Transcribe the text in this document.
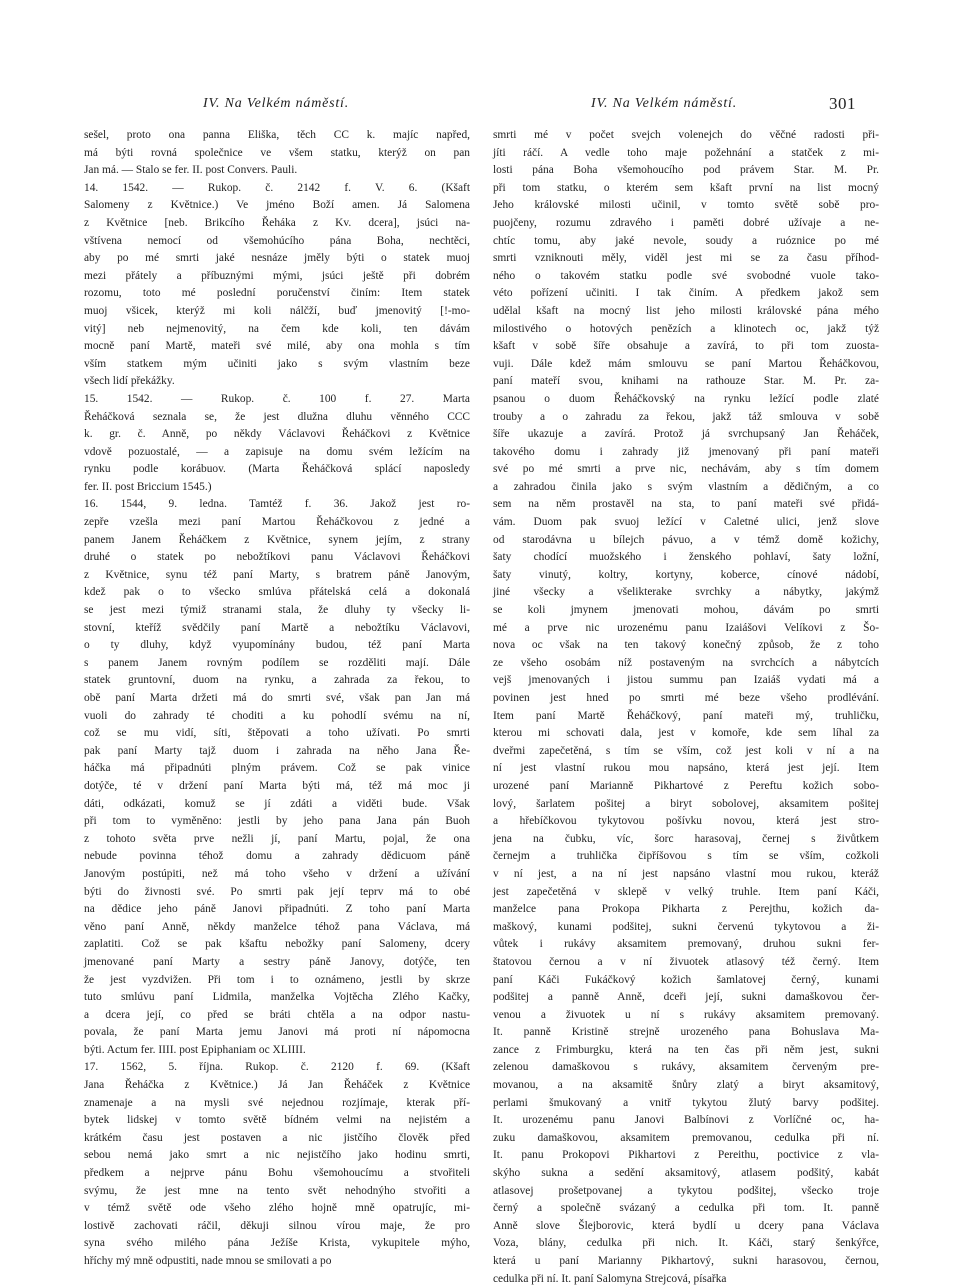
IV. Na Velkém náměstí.	IV. Na Velkém náměstí.	301
sešel, proto ona panna Eliška, těch CC k. majíc napřed,
má býti rovná společnice ve všem statku, kterýž on pan
Jan má. — Stalo se fer. II. post Convers. Pauli.
14. 1542. — Rukop. č. 2142 f. V. 6. (Kšaft
Salomeny z Květnice.) Ve jméno Boží amen. Já Salomena
z Květnice [neb. Brikcího Řeháka z Kv. dcera], jsúci na-
vštívena nemocí od všemohúcího pána Boha, nechtěci,
aby po mé smrti jaké nesnáze jměly býti o statek muoj
mezi přátely a příbuznými mými, jsúci ještě při dobrém
rozomu, toto mé poslední poručenství činím: Item statek
muoj všicek, kterýž mi koli nálčží, buď jmenovitý [!-mo-
vitý] neb nejmenovitý, na čem kde koli, ten dávám
mocně paní Martě, mateři své milé, aby ona mohla s tím
vším statkem mým učiniti jako s svým vlastním beze
všech lidí překážky.
15. 1542. — Rukop. č. 100 f. 27. Marta
Řeháčková seznala se, že jest dlužna dluhu věnného CCC
k. gr. č. Anně, po někdy Václavovi Řeháčkovi z Květnice
vdově pozuostalé, — a zapisuje na domu svém ležícím na
rynku podle korábuov. (Marta Řeháčková splácí naposledy
fer. II. post Briccium 1545.)
16. 1544, 9. ledna. Tamtéž f. 36. Jakož jest ro-
zepře vzešla mezi paní Martou Řeháčkovou z jedné a
panem Janem Řeháčkem z Květnice, synem jejím, z strany
druhé o statek po nebožtíkovi panu Václavovi Řeháčkovi
z Květnice, synu též paní Marty, s bratrem páně Janovým,
kdež pak o to všecko smlúva přátelská celá a dokonalá
se jest mezi týmiž stranami stala, že dluhy ty všecky li-
stovní, kteříž svědčily paní Martě a nebožtíku Václavovi,
o ty dluhy, když vyupomínány budou, též paní Marta
s panem Janem rovným podílem se rozděliti mají. Dále
statek gruntovní, duom na rynku, a zahrada za řekou, to
obě paní Marta držeti má do smrti své, však pan Jan má
vuoli do zahrady té choditi a ku pohodlí svému na ní,
což se mu vidí, síti, štěpovati a toho užívati. Po smrti
pak paní Marty tajž duom i zahrada na něho Jana Ře-
háčka má připadnúti plným právem. Což se pak vinice
dotýče, té v držení paní Marta býti má, též má moc ji
dáti, odkázati, komuž se jí zdáti a viděti bude. Však
při tom to vyměněno: jestli by jeho pana Jana pán Buoh
z tohoto světa prve nežli jí, paní Martu, pojal, že ona
nebude povinna téhož domu a zahrady dědicuom páně
Janovým postúpiti, než má toho všeho v držení a užívání
býti do živnosti své. Po smrti pak její teprv má to obé
na dědice jeho páně Janovi připadnúti. Z toho paní Marta
věno paní Anně, někdy manželce téhož pana Václava, má
zaplatiti. Což se pak kšaftu nebožky paní Salomeny, dcery
jmenované paní Marty a sestry páně Janovy, dotýče, ten
že jest vyzdvižen. Při tom i to oznámeno, jestli by skrze
tuto smlúvu paní Lidmila, manželka Vojtěcha Zlého Kačky,
a dcera její, co před se bráti chtěla a na odpor nastu-
povala, že paní Marta jemu Janovi má proti ní nápomocna
býti. Actum fer. IIII. post Epiphaniam oc XLIIII.
17. 1562, 5. října. Rukop. č. 2120 f. 69. (Kšaft
Jana Řeháčka z Květnice.) Já Jan Řeháček z Květnice
znamenaje a na mysli své nejednou rozjímaje, kterak pří-
bytek lidskej v tomto světě bídném velmi na nejistém a
krátkém času jest postaven a nic jistčího člověk před
sebou nemá jako smrt a nic nejistčího jako hodinu smrti,
předkem a nejprve pánu Bohu všemohoucímu a stvořiteli
svýmu, že jest mne na tento svět nehodnýho stvořiti a
v témž světě ode všeho zlého hojně mně opatrujíc, mi-
lostivě zachovati ráčil, děkuji silnou vírou maje, že pro
syna svého milého pána Ježíše Krista, vykupitele mýho,
hříchy mý mně odpustiti, nade mnou se smilovati a po
smrti mé v počet svejch volenejch do věčné radosti při-
jíti ráčí. A vedle toho maje požehnání a statček z mi-
losti pána Boha všemohoucího pod právem Star. M. Pr.
při tom statku, o kterém sem kšaft první na list mocný
Jeho královské milosti učinil, v tomto světě sobě pro-
puojčeny, rozumu zdravého i paměti dobré užívaje a ne-
chtíc tomu, aby jaké nevole, soudy a ruóznice po mé
smrti vzniknouti měly, viděl jest mi se za času příhod-
ného o takovém statku podle své svobodné vuole tako-
véto pořízení učiniti. I tak činím. A předkem jakož sem
udělal kšaft na mocný list jeho milosti královské pána mého
milostivého o hotových penězích a klinotech oc, jakž týž
kšaft v sobě šíře obsahuje a zavírá, to při tom zuosta-
vuji. Dále kdež mám smlouvu se paní Martou Řeháčkovou,
paní mateří svou, knihami na rathouze Star. M. Pr. za-
psanou o duom Řeháčkovský na rynku ležící podle zlaté
trouby a o zahradu za řekou, jakž táž smlouva v sobě
šíře ukazuje a zavírá. Protož já svrchupsaný Jan Řeháček,
takového domu i zahrady již jmenovaný při paní mateři
své po mé smrti a prve nic, nechávám, aby s tím domem
a zahradou činila jako s svým vlastním a dědičným, a co
sem na něm prostavěl na sta, to paní mateři své přidá-
vám. Duom pak svuoj ležící v Caletné ulici, jenž slove
od starodávna u bílejch pávuo, a v témž domě kožichy,
šaty chodící muožského i ženského pohlaví, šaty ložní,
šaty vinutý, koltry, kortyny, koberce, cínové nádobí,
jiné všecky a všelikterake svrchky a nábytky, jakýmž
se koli jmynem jmenovati mohou, dávám po smrti
mé a prve nic urozenému panu Izaiášovi Velíkovi z Šo-
nova oc však na ten takový konečný způsob, že z toho
ze všeho osobám níž postaveným na svrchcích a nábytcích
vejš jmenovaných i jistou summu pan Izaiáš vydati má a
povinen jest hned po smrti mé beze všeho prodlévání.
Item paní Martě Řeháčkový, paní mateři mý, truhličku,
kterou mi schovati dala, jest v komoře, kde sem líhal za
dveřmi zapečetěná, s tím se vším, což jest koli v ní a na
ní jest vlastní rukou mou napsáno, která jest její. Item
urozené paní Marianně Pikhartové z Pereftu kožich sobo-
lový, šarlatem pošitej a biryt sobolovej, aksamitem pošitej
a hřebíčkovou tykytovou pošívku novou, která jest stro-
jena na čubku, víc, šorc harasovaj, černej s živůtkem
černejm a truhlička čipříšovou s tím se vším, cožkoli
v ní jest, a na ní jest napsáno vlastní mou rukou, kteráž
jest zapečetěná v sklepě v velký truhle. Item paní Káči,
manželce pana Prokopa Pikharta z Perejthu, kožich da-
maškový, kunami podšitej, sukni červenú tykytovou a ži-
vůtek i rukávy aksamitem premovaný, druhou sukni fer-
štatovou černou a v ní živuotek atlasový též černý. Item
paní Káči Fukáčkový kožich šamlatovej černý, kunami
podšitej a panně Anně, dceři její, sukni damaškovou čer-
venou a živuotek u ní s rukávy aksamitem premovaný.
It. panně Kristině strejně urozeného pana Bohuslava Ma-
zance z Frimburgku, která na ten čas při něm jest, sukni
zelenou damaškovou s rukávy, aksamitem červeným pre-
movanou, a na aksamitě šnůry zlatý a biryt aksamitový,
perlami šmukovaný a vnitř tykytou žlutý barvy podšitej.
It. urozenému panu Janovi Balbínovi z Vorlíčné oc, ha-
zuku damaškovou, aksamitem premovanou, cedulka při ní.
It. panu Prokopovi Pikhartovi z Pereithu, poctivice z vla-
skýho sukna a sedění aksamitový, atlasem podšitý, kabát
atlasovej prošetpovanej a tykytou podšitej, všecko troje
černý a společně svázaný a cedulka při tom. It. panně
Anně slove Šlejborovic, která bydlí u dcery pana Václava
Voza, blány, cedulka při nich. It. Káči, starý šenkýřce,
která u paní Marianny Pikhartový, sukni harasovou, černou,
cedulka při ní. It. paní Salomyna Strejcová, písařka
